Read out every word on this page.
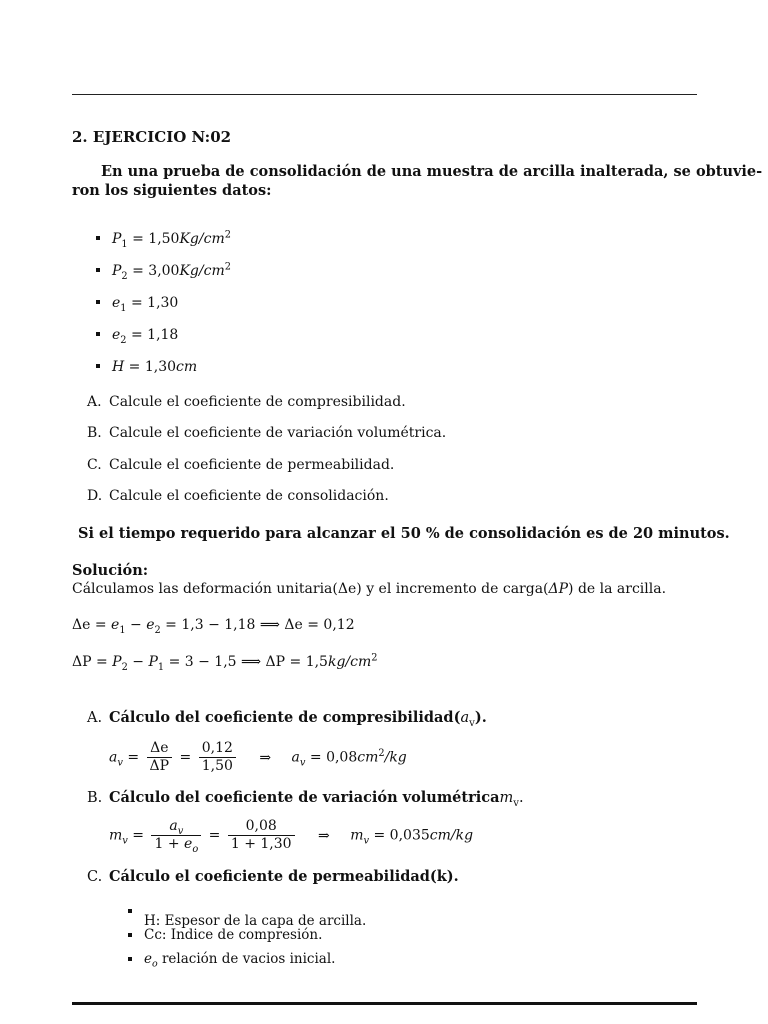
2. EJERCICIO N:02
En una prueba de consolidación de una muestra de arcilla inalterada, se obtuvie-
ron los siguientes datos:
$P_1 = 1,50Kg/cm^2$
$P_2 = 3,00Kg/cm^2$
$e_1 = 1,30$
$e_2 = 1,18$
H = 1,30cm
A. Calcule el coeficiente de compresibilidad.
B. Calcule el coeficiente de variación volumétrica.
C. Calcule el coeficiente de permeabilidad.
D. Calcule el coeficiente de consolidación.
Si el tiempo requerido para alcanzar el 50 % de consolidación es de 20 minutos.
Solución:
Cálculamos las deformación unitaria(Δe) y el incremento de carga(ΔP) de la arcilla.
$\Delta e = e_1 - e_2 = 1,3 - 1,18$ ⟹ Δe = 0,12
$\Delta P = P_2 - P_1 = 3 - 1,5$ ⟹ $\Delta P = 1,5kg/cm^2$
A. Cálculo del coeficiente de $compresibilidad(a_v)$.
$a_v = \frac{\Delta e}{\Delta P} = \frac{0,12}{1,50}$ ⇒ $a_v = 0,08cm^2/kg$
B. Cálculo del coeficiente de variación volumétricam$_v$.
$m_v = \frac{a_v}{1 + e_o} = \frac{0,08}{1 + 1,30}$ ⇒ $m_v = 0,035cm/kg$
C. Cálculo el coeficiente de permeabilidad(k).
H: Espesor de la capa de arcilla.
Cc: Indice de compresión.
$e_o$ relación de vacios inicial.
